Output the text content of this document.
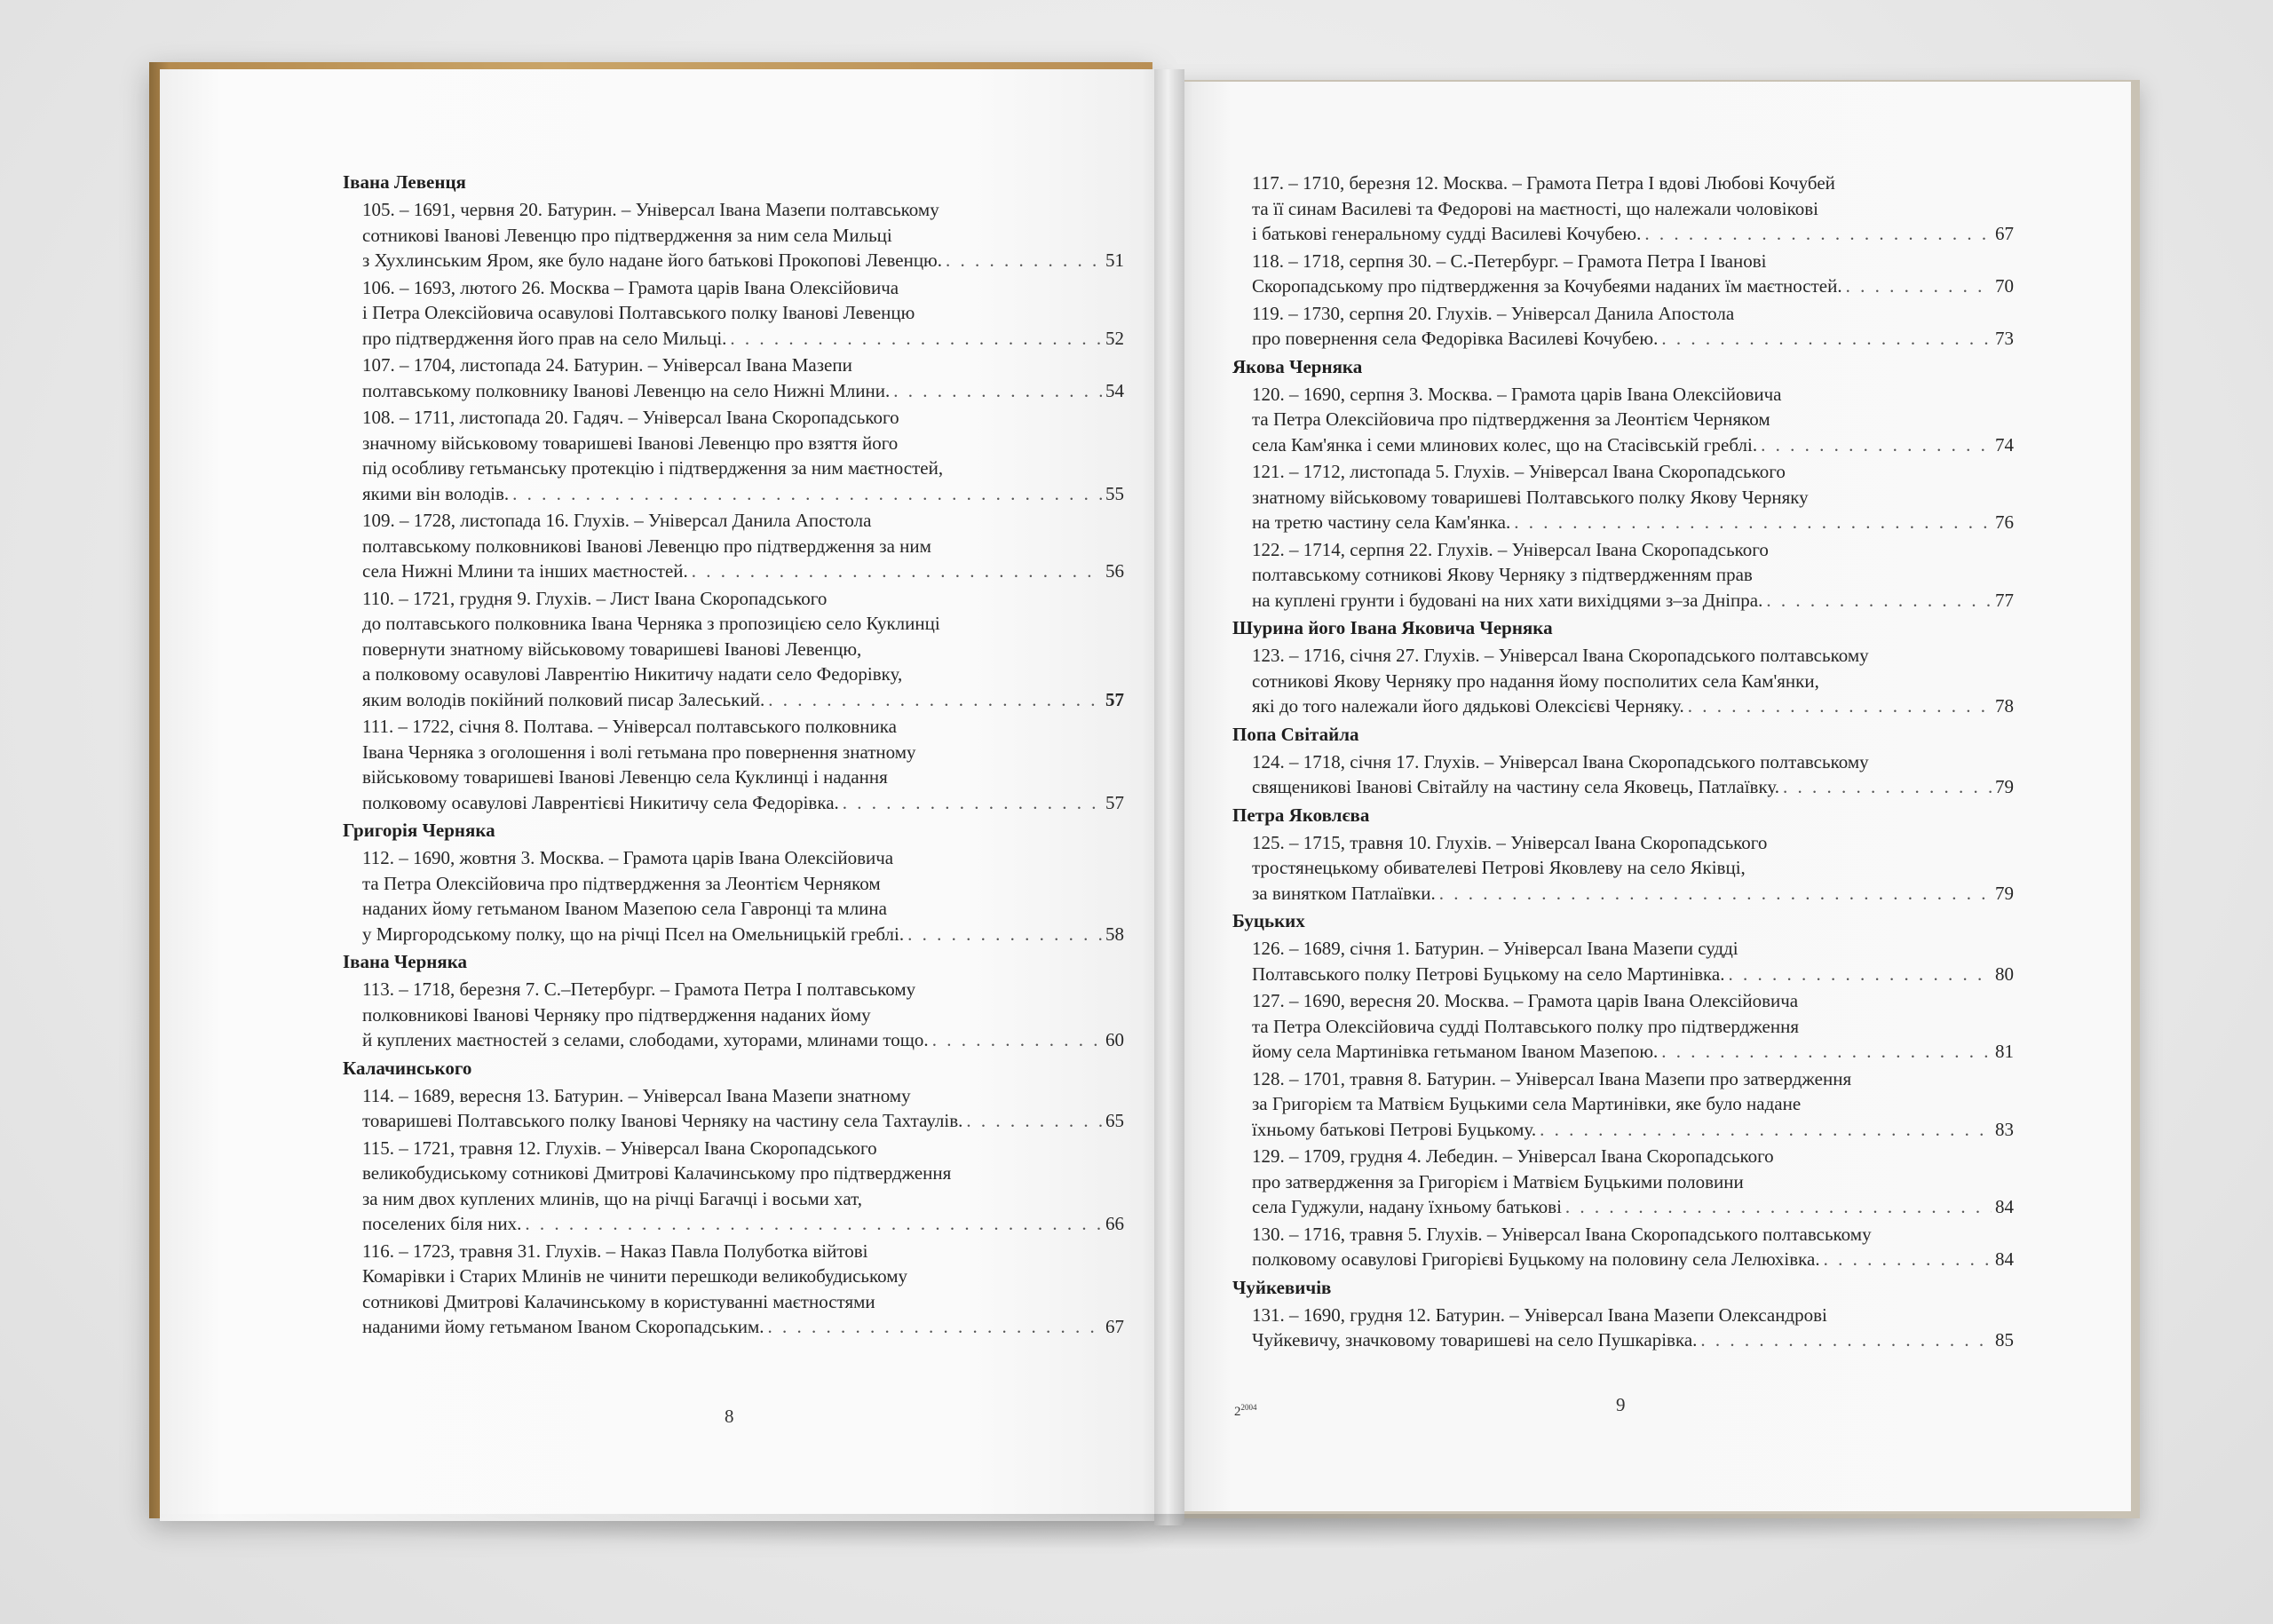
Івана Левенця
105. – 1691, червня 20. Батурин. – Універсал Івана Мазепи полтавському
сотникові Іванові Левенцю про підтвердження за ним села Мильці
з Хухлинським Яром, яке було надане його батькові Прокопові Левенцю. . . .	51
106. – 1693, лютого 26. Москва – Грамота царів Івана Олексійовича
і Петра Олексійовича осавулові Полтавського полку Іванові Левенцю
про підтвердження його прав на село Мильці. . . .	52
107. – 1704, листопада 24. Батурин. – Універсал Івана Мазепи
полтавському полковнику Іванові Левенцю на село Нижні Млини. . . .	54
108. – 1711, листопада 20. Гадяч. – Універсал Івана Скоропадського
значному військовому товаришеві Іванові Левенцю про взяття його
під особливу гетьманську протекцію і підтвердження за ним маєтностей,
якими він володів. . . .	55
109. – 1728, листопада 16. Глухів. – Універсал Данила Апостола
полтавському полковникові Іванові Левенцю про підтвердження за ним
села Нижні Млини та інших маєтностей. . . .	56
110. – 1721, грудня 9. Глухів. – Лист Івана Скоропадського
до полтавського полковника Івана Черняка з пропозицією село Куклинці
повернути знатному військовому товаришеві Іванові Левенцю,
а полковому осавулові Лаврентію Никитичу надати село Федорівку,
яким володів покійний полковий писар Залеський. . . .	57
111. – 1722, січня 8. Полтава. – Універсал полтавського полковника
Івана Черняка з оголошення і волі гетьмана про повернення знатному
військовому товаришеві Іванові Левенцю села Куклинці і надання
полковому осавулові Лаврентієві Никитичу села Федорівка. . . .	57
Григорія Черняка
112. – 1690, жовтня 3. Москва. – Грамота царів Івана Олексійовича
та Петра Олексійовича про підтвердження за Леонтієм Черняком
наданих йому гетьманом Іваном Мазепою села Гавронці та млина
у Миргородському полку, що на річці Псел на Омельницькій греблі. . . .	58
Івана Черняка
113. – 1718, березня 7. С.–Петербург. – Грамота Петра І полтавському
полковникові Іванові Черняку про підтвердження наданих йому
й куплених маєтностей з селами, слободами, хуторами, млинами тощо. . . .	60
Калачинського
114. – 1689, вересня 13. Батурин. – Універсал Івана Мазепи знатному
товаришеві Полтавського полку Іванові Черняку на частину села Тахтаулів. . . .	65
115. – 1721, травня 12. Глухів. – Універсал Івана Скоропадського
великобудиському сотникові Дмитрові Калачинському про підтвердження
за ним двох куплених млинів, що на річці Багачці і восьми хат,
поселених біля них. . . .	66
116. – 1723, травня 31. Глухів. – Наказ Павла Полуботка війтові
Комарівки і Старих Млинів не чинити перешкоди великобудиському
сотникові Дмитрові Калачинському в користуванні маєтностями
наданими йому гетьманом Іваном Скоропадським. . . .	67
117. – 1710, березня 12. Москва. – Грамота Петра І вдові Любові Кочубей
та її синам Василеві та Федорові на маєтності, що належали чоловікові
і батькові генеральному судді Василеві Кочубею. . . .	67
118. – 1718, серпня 30. – С.-Петербург. – Грамота Петра І Іванові
Скоропадському про підтвердження за Кочубеями наданих їм маєтностей. . . .	70
119. – 1730, серпня 20. Глухів. – Універсал Данила Апостола
про повернення села Федорівка Василеві Кочубею. . . .	73
Якова Черняка
120. – 1690, серпня 3. Москва. – Грамота царів Івана Олексійовича
та Петра Олексійовича про підтвердження за Леонтієм Черняком
села Кам'янка і семи млинових колес, що на Стасівській греблі. . . .	74
121. – 1712, листопада 5. Глухів. – Універсал Івана Скоропадського
знатному військовому товаришеві Полтавського полку Якову Черняку
на третю частину села Кам'янка. . . .	76
122. – 1714, серпня 22. Глухів. – Універсал Івана Скоропадського
полтавському сотникові Якову Черняку з підтвердженням прав
на куплені грунти і будовані на них хати вихідцями з–за Дніпра. . . .	77
Шурина його Івана Яковича Черняка
123. – 1716, січня 27. Глухів. – Універсал Івана Скоропадського полтавському
сотникові Якову Черняку про надання йому посполитих села Кам'янки,
які до того належали його дядькові Олексієві Черняку. . . .	78
Попа Світайла
124. – 1718, січня 17. Глухів. – Універсал Івана Скоропадського полтавському
священикові Іванові Світайлу на частину села Яковець, Патлаївку. . . .	79
Петра Яковлєва
125. – 1715, травня 10. Глухів. – Універсал Івана Скоропадського
тростянецькому обивателеві Петрові Яковлеву на село Яківці,
за винятком Патлаївки. . . .	79
Буцьких
126. – 1689, січня 1. Батурин. – Універсал Івана Мазепи судді
Полтавського полку Петрові Буцькому на село Мартинівка. . . .	80
127. – 1690, вересня 20. Москва. – Грамота царів Івана Олексійовича
та Петра Олексійовича судді Полтавського полку про підтвердження
йому села Мартинівка гетьманом Іваном Мазепою. . . .	81
128. – 1701, травня 8. Батурин. – Універсал Івана Мазепи про затвердження
за Григорієм та Матвієм Буцькими села Мартинівки, яке було надане
їхньому батькові Петрові Буцькому. . . .	83
129. – 1709, грудня 4. Лебедин. – Універсал Івана Скоропадського
про затвердження за Григорієм і Матвієм Буцькими половини
села Гуджули, надану їхньому батькові . . .	84
130. – 1716, травня 5. Глухів. – Універсал Івана Скоропадського полтавському
полковому осавулові Григорієві Буцькому на половину села Лелюхівка. . . .	84
Чуйкевичів
131. – 1690, грудня 12. Батурин. – Універсал Івана Мазепи Олександрові
Чуйкевичу, значковому товаришеві на село Пушкарівка. . . .	85
8	$2^{2004}$	9
